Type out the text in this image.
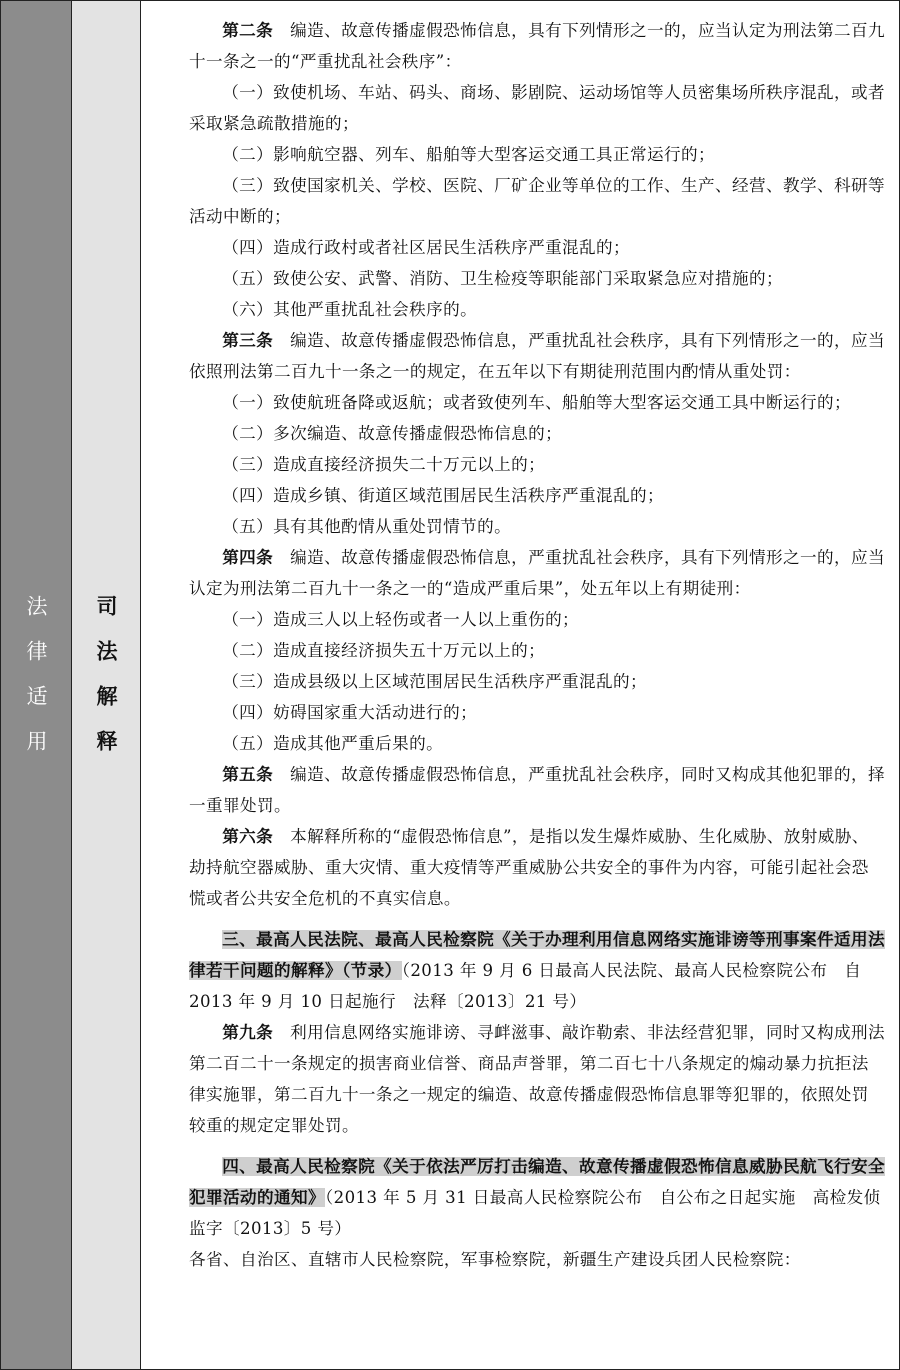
法律适用 司法解释

第二条　 编造、故意传播虚假恐怖信息，具有下列情形之一的，应当认定为刑法第二百九十一条之一的“严重扰乱社会秩序”：

（一）致使机场、车站、码头、商场、影剧院、运动场馆等人员密集场所秩序混乱，或者采取紧急疏散措施的；

（二）影响航空器、列车、船舶等大型客运交通工具正常运行的；

（三）致使国家机关、学校、医院、厂矿企业等单位的工作、生产、经营、教学、科研等活动中断的；

（四）造成行政村或者社区居民生活秩序严重混乱的；

（五）致使公安、武警、消防、卫生检疫等职能部门采取紧急应对措施的；

（六）其他严重扰乱社会秩序的。

第三条　 编造、故意传播虚假恐怖信息，严重扰乱社会秩序，具有下列情形之一的，应当依照刑法第二百九十一条之一的规定，在五年以下有期徒刑范围内酌情从重处罚：

（一）致使航班备降或返航；或者致使列车、船舶等大型客运交通工具中断运行的；

（二）多次编造、故意传播虚假恐怖信息的；

（三）造成直接经济损失二十万元以上的；

（四）造成乡镇、街道区域范围居民生活秩序严重混乱的；

（五）具有其他酌情从重处罚情节的。

第四条　 编造、故意传播虚假恐怖信息，严重扰乱社会秩序，具有下列情形之一的，应当认定为刑法第二百九十一条之一的“造成严重后果”，处五年以上有期徒刑：

（一）造成三人以上轻伤或者一人以上重伤的；

（二）造成直接经济损失五十万元以上的；

（三）造成县级以上区域范围居民生活秩序严重混乱的；

（四）妨碍国家重大活动进行的；

（五）造成其他严重后果的。

第五条　 编造、故意传播虚假恐怖信息，严重扰乱社会秩序，同时又构成其他犯罪的，择一重罪处罚。

第六条　 本解释所称的“虚假恐怖信息”，是指以发生爆炸威胁、生化威胁、放射威胁、劫持航空器威胁、重大灾情、重大疫情等严重威胁公共安全的事件为内容，可能引起社会恐慌或者公共安全危机的不真实信息。

三、最高人民法院、最高人民检察院《关于办理利用信息网络实施诽谤等刑事案件适用法律若干问题的解释》（节录）（2013 年 9 月 6 日最高人民法院、最高人民检察院公布　自 2013 年 9 月 10 日起施行　法释〔2013〕21 号）

第九条　 利用信息网络实施诽谤、寻衅滋事、敲诈勒索、非法经营犯罪，同时又构成刑法第二百二十一条规定的损害商业信誉、商品声誉罪，第二百七十八条规定的煽动暴力抗拒法律实施罪，第二百九十一条之一规定的编造、故意传播虚假恐怖信息罪等犯罪的，依照处罚较重的规定定罪处罚。

四、最高人民检察院《关于依法严厉打击编造、故意传播虚假恐怖信息威胁民航飞行安全犯罪活动的通知》（2013 年 5 月 31 日最高人民检察院公布　自公布之日起实施　高检发侦监字〔2013〕5 号）

各省、自治区、直辖市人民检察院，军事检察院，新疆生产建设兵团人民检察院：
